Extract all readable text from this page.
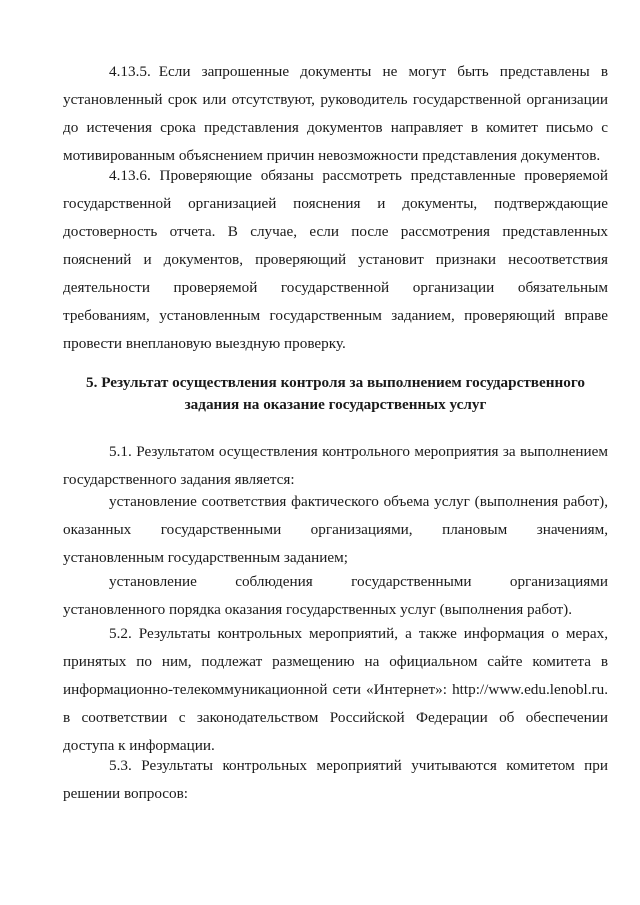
4.13.5. Если запрошенные документы не могут быть представлены в установленный срок или отсутствуют, руководитель государственной организации до истечения срока представления документов направляет в комитет письмо с мотивированным объяснением причин невозможности представления документов.

4.13.6. Проверяющие обязаны рассмотреть представленные проверяемой государственной организацией пояснения и документы, подтверждающие достоверность отчета. В случае, если после рассмотрения представленных пояснений и документов, проверяющий установит признаки несоответствия деятельности проверяемой государственной организации обязательным требованиям, установленным государственным заданием, проверяющий вправе провести внеплановую выездную проверку.

5. Результат осуществления контроля за выполнением государственного
задания на оказание государственных услуг

5.1. Результатом осуществления контрольного мероприятия за выполнением государственного задания является:

установление соответствия фактического объема услуг (выполнения работ), оказанных государственными организациями, плановым значениям, установленным государственным заданием;

установление соблюдения государственными организациями установленного порядка оказания государственных услуг (выполнения работ).

5.2. Результаты контрольных мероприятий, а также информация о мерах, принятых по ним, подлежат размещению на официальном сайте комитета в информационно-телекоммуникационной сети «Интернет»: http://www.edu.lenobl.ru. в соответствии с законодательством Российской Федерации об обеспечении доступа к информации.

5.3. Результаты контрольных мероприятий учитываются комитетом при решении вопросов:
